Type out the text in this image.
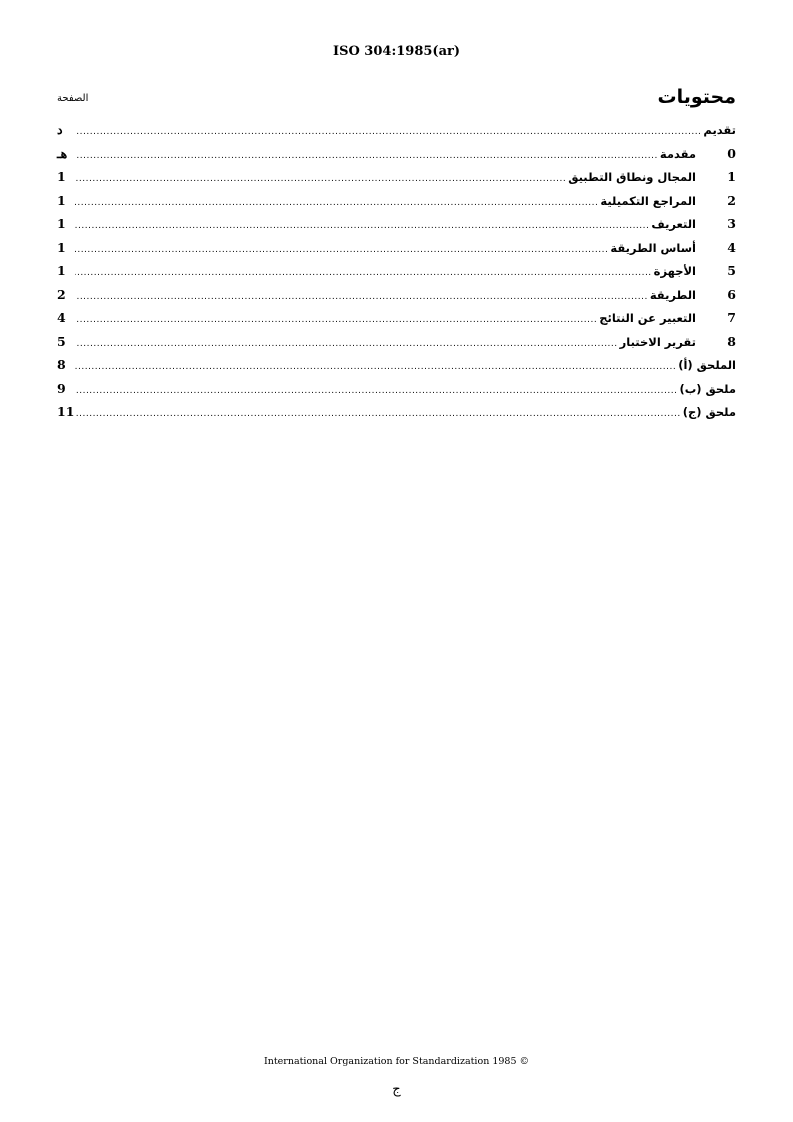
ISO 304:1985(ar)
محتويات
الصفحة
تقديم
.....
د
0
مقدمة
.....
هـ
1
المجال ونطاق التطبيق
.....
1
2
المراجع التكميلية
.....
1
3
التعريف
.....
1
4
أساس الطريقة
.....
1
5
الأجهزة
.....
1
6
الطريقة
.....
2
7
التعبير عن النتائج
.....
4
8
تقرير الاختبار
.....
5
الملحق (أ)
.....
8
ملحق (ب)
.....
9
ملحق (ج)
.....
11
International Organization for Standardization 1985 ©
ج
